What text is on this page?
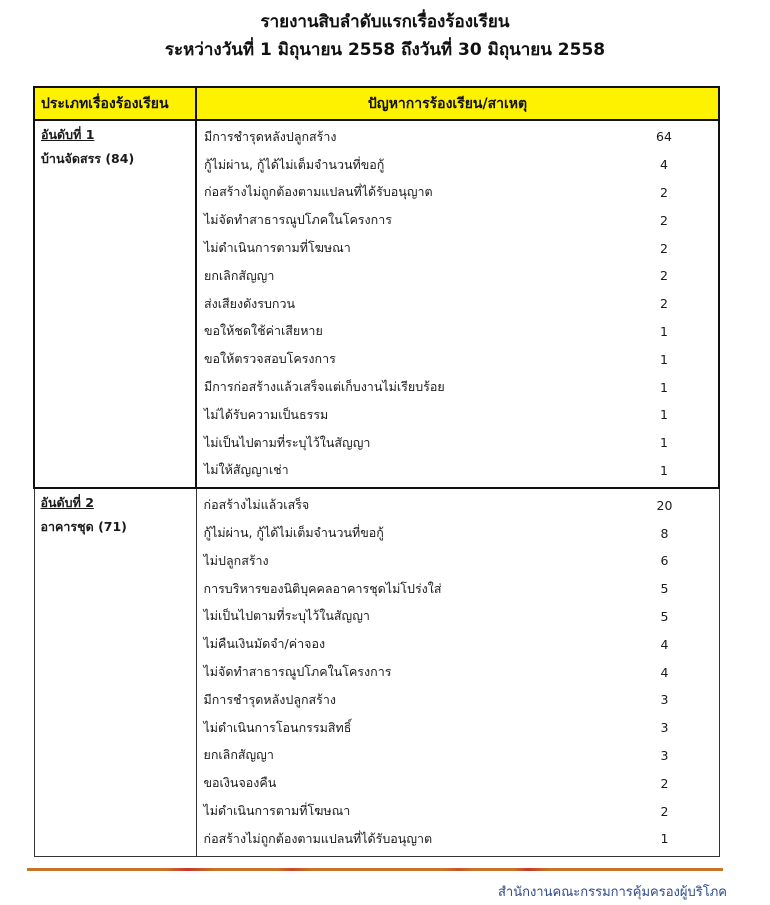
รายงานสิบลำดับแรกเรื่องร้องเรียน
ระหว่างวันที่ 1 มิถุนายน 2558 ถึงวันที่ 30 มิถุนายน 2558
ประเภทเรื่องร้องเรียน	ปัญหาการร้องเรียน/สาเหตุ

อันดับที่ 1
บ้านจัดสรร (84)

มีการชำรุดหลังปลูกสร้าง	64
กู้ไม่ผ่าน, กู้ได้ไม่เต็มจำนวนที่ขอกู้	4
ก่อสร้างไม่ถูกต้องตามแปลนที่ได้รับอนุญาต	2
ไม่จัดทำสาธารณูปโภคในโครงการ	2
ไม่ดำเนินการตามที่โฆษณา	2
ยกเลิกสัญญา	2
ส่งเสียงดังรบกวน	2
ขอให้ชดใช้ค่าเสียหาย	1
ขอให้ตรวจสอบโครงการ	1
มีการก่อสร้างแล้วเสร็จแต่เก็บงานไม่เรียบร้อย	1
ไม่ได้รับความเป็นธรรม	1
ไม่เป็นไปตามที่ระบุไว้ในสัญญา	1
ไม่ให้สัญญาเช่า	1

อันดับที่ 2
อาคารชุด (71)

ก่อสร้างไม่แล้วเสร็จ	20
กู้ไม่ผ่าน, กู้ได้ไม่เต็มจำนวนที่ขอกู้	8
ไม่ปลูกสร้าง	6
การบริหารของนิติบุคคลอาคารชุดไม่โปร่งใส่	5
ไม่เป็นไปตามที่ระบุไว้ในสัญญา	5
ไม่คืนเงินมัดจำ/ค่าจอง	4
ไม่จัดทำสาธารณูปโภคในโครงการ	4
มีการชำรุดหลังปลูกสร้าง	3
ไม่ดำเนินการโอนกรรมสิทธิ์	3
ยกเลิกสัญญา	3
ขอเงินจองคืน	2
ไม่ดำเนินการตามที่โฆษณา	2
ก่อสร้างไม่ถูกต้องตามแปลนที่ได้รับอนุญาต	1
สำนักงานคณะกรรมการคุ้มครองผู้บริโภค
